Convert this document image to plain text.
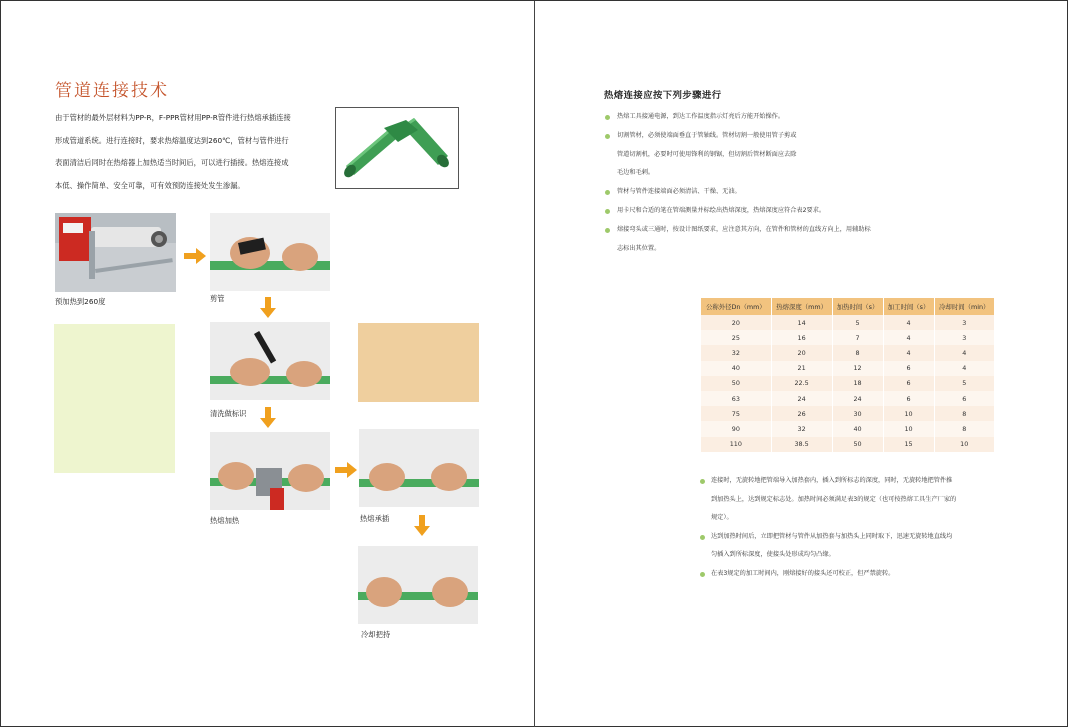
管道连接技术

由于管材的最外层材料为PP-R，F-PPR管材用PP-R管件进行热熔承插连接

形成管道系统。进行连接时，要求热熔温度达到260℃，管材与管件进行

表面清洁后同时在热熔器上加热适当时间后，可以进行插接。热熔连接成

本低、操作简单、安全可靠，可有效预防连接处发生渗漏。

预加热到260度	剪管
清洗做标识
热熔加热	热熔承插
冷却把持
热熔连接应按下列步骤进行
热熔工具接通电源，到达工作温度指示灯亮后方能开始操作。
切割管材，必须使端面垂直于管轴线。管材切割一般使用管子剪或
管道切割机，必要时可使用锋利的钢锯，但切割后管材断面应去除
毛边和毛刺。
管材与管件连接端面必须清洁、干燥、无油。
用卡尺和合适的笔在管端测量并标绘出热熔深度，热熔深度应符合表2要求。
熔接弯头或三通时，按设计图纸要求，应注意其方向，在管件和管材的直线方向上，用辅助标
志标出其位置。
公称外径Dn（mm）	热熔深度（mm）	加热时间（s）	加工时间（s）	冷却时间（min）
20	14	5	4	3
25	16	7	4	3
32	20	8	4	4
40	21	12	6	4
50	22.5	18	6	5
63	24	24	6	6
75	26	30	10	8
90	32	40	10	8
110	38.5	50	15	10
连接时，无旋转地把管端导入加热套内，插入到所标志的深度，同时，无旋转地把管件推
到加热头上，达到规定标志处。加热时间必须满足表3的规定（也可按热熔工具生产厂家的
规定）。
达到加热时间后，立即把管材与管件从加热套与加热头上同时取下，迅速无旋转地直线均
匀插入到所标深度，使接头处形成均匀凸缘。
在表3规定的加工时间内，刚熔接好的接头还可校正，但严禁旋转。
